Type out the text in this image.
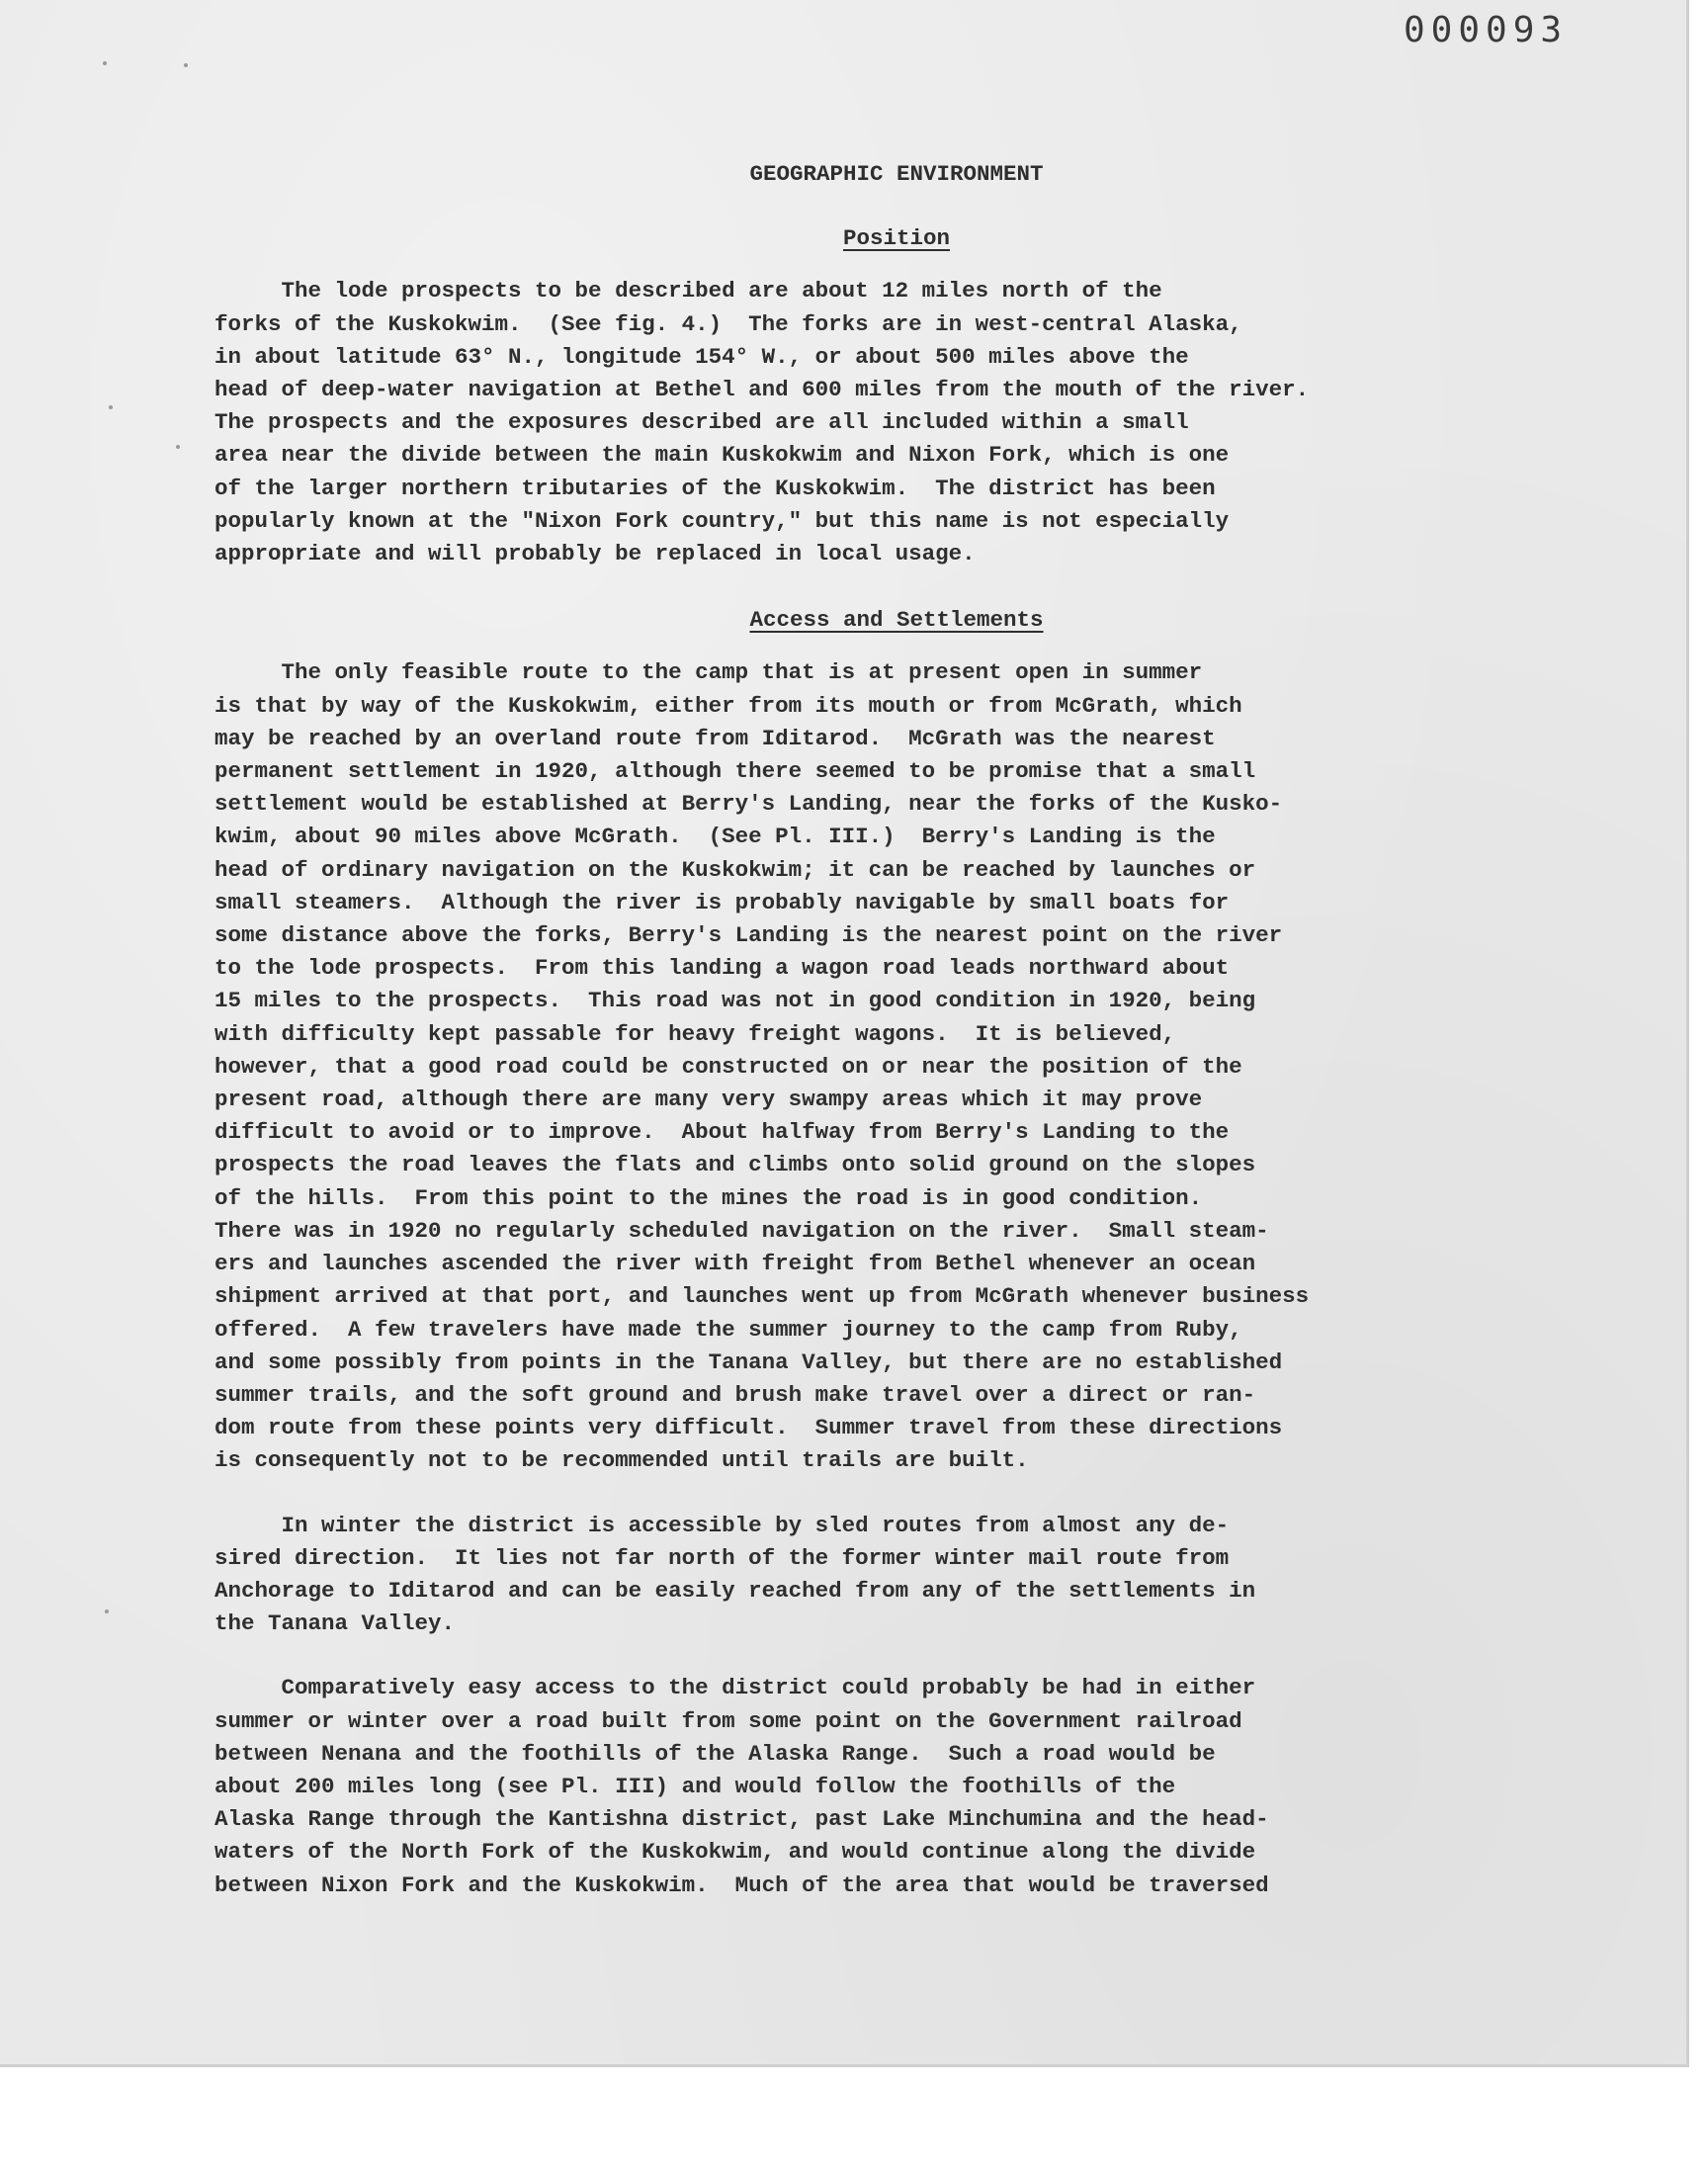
000093
GEOGRAPHIC ENVIRONMENT
Position

The lode prospects to be described are about 12 miles north of the
forks of the Kuskokwim.  (See fig. 4.)  The forks are in west-central Alaska,
in about latitude 63° N., longitude 154° W., or about 500 miles above the
head of deep-water navigation at Bethel and 600 miles from the mouth of the river.
The prospects and the exposures described are all included within a small
area near the divide between the main Kuskokwim and Nixon Fork, which is one
of the larger northern tributaries of the Kuskokwim.  The district has been
popularly known at the "Nixon Fork country," but this name is not especially
appropriate and will probably be replaced in local usage.

Access and Settlements

The only feasible route to the camp that is at present open in summer
is that by way of the Kuskokwim, either from its mouth or from McGrath, which
may be reached by an overland route from Iditarod.  McGrath was the nearest
permanent settlement in 1920, although there seemed to be promise that a small
settlement would be established at Berry's Landing, near the forks of the Kusko-
kwim, about 90 miles above McGrath.  (See Pl. III.)  Berry's Landing is the
head of ordinary navigation on the Kuskokwim; it can be reached by launches or
small steamers.  Although the river is probably navigable by small boats for
some distance above the forks, Berry's Landing is the nearest point on the river
to the lode prospects.  From this landing a wagon road leads northward about
15 miles to the prospects.  This road was not in good condition in 1920, being
with difficulty kept passable for heavy freight wagons.  It is believed,
however, that a good road could be constructed on or near the position of the
present road, although there are many very swampy areas which it may prove
difficult to avoid or to improve.  About halfway from Berry's Landing to the
prospects the road leaves the flats and climbs onto solid ground on the slopes
of the hills.  From this point to the mines the road is in good condition.
There was in 1920 no regularly scheduled navigation on the river.  Small steam-
ers and launches ascended the river with freight from Bethel whenever an ocean
shipment arrived at that port, and launches went up from McGrath whenever business
offered.  A few travelers have made the summer journey to the camp from Ruby,
and some possibly from points in the Tanana Valley, but there are no established
summer trails, and the soft ground and brush make travel over a direct or ran-
dom route from these points very difficult.  Summer travel from these directions
is consequently not to be recommended until trails are built.

In winter the district is accessible by sled routes from almost any de-
sired direction.  It lies not far north of the former winter mail route from
Anchorage to Iditarod and can be easily reached from any of the settlements in
the Tanana Valley.

Comparatively easy access to the district could probably be had in either
summer or winter over a road built from some point on the Government railroad
between Nenana and the foothills of the Alaska Range.  Such a road would be
about 200 miles long (see Pl. III) and would follow the foothills of the
Alaska Range through the Kantishna district, past Lake Minchumina and the head-
waters of the North Fork of the Kuskokwim, and would continue along the divide
between Nixon Fork and the Kuskokwim.  Much of the area that would be traversed
